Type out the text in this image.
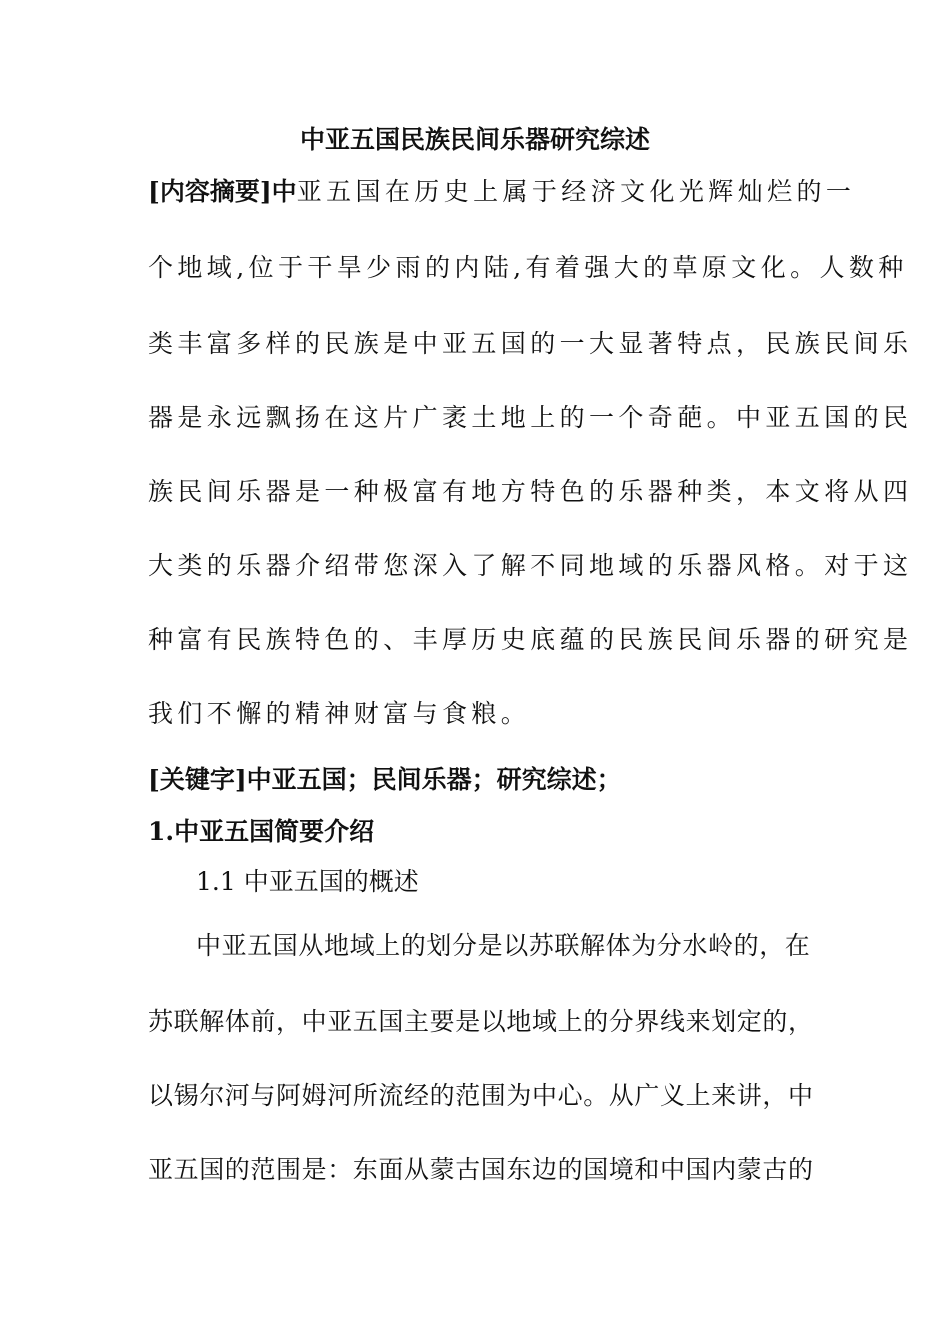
中亚五国民族民间乐器研究综述
[内容摘要]中亚五国在历史上属于经济文化光辉灿烂的一
个地域,位于干旱少雨的内陆,有着强大的草原文化。人数种
类丰富多样的民族是中亚五国的一大显著特点，民族民间乐
器是永远飘扬在这片广袤土地上的一个奇葩。中亚五国的民
族民间乐器是一种极富有地方特色的乐器种类，本文将从四
大类的乐器介绍带您深入了解不同地域的乐器风格。对于这
种富有民族特色的、丰厚历史底蕴的民族民间乐器的研究是
我们不懈的精神财富与食粮。
[关键字]中亚五国；民间乐器；研究综述；
1.中亚五国简要介绍
1.1 中亚五国的概述
中亚五国从地域上的划分是以苏联解体为分水岭的，在
苏联解体前，中亚五国主要是以地域上的分界线来划定的，
以锡尔河与阿姆河所流经的范围为中心。从广义上来讲，中
亚五国的范围是：东面从蒙古国东边的国境和中国内蒙古的
